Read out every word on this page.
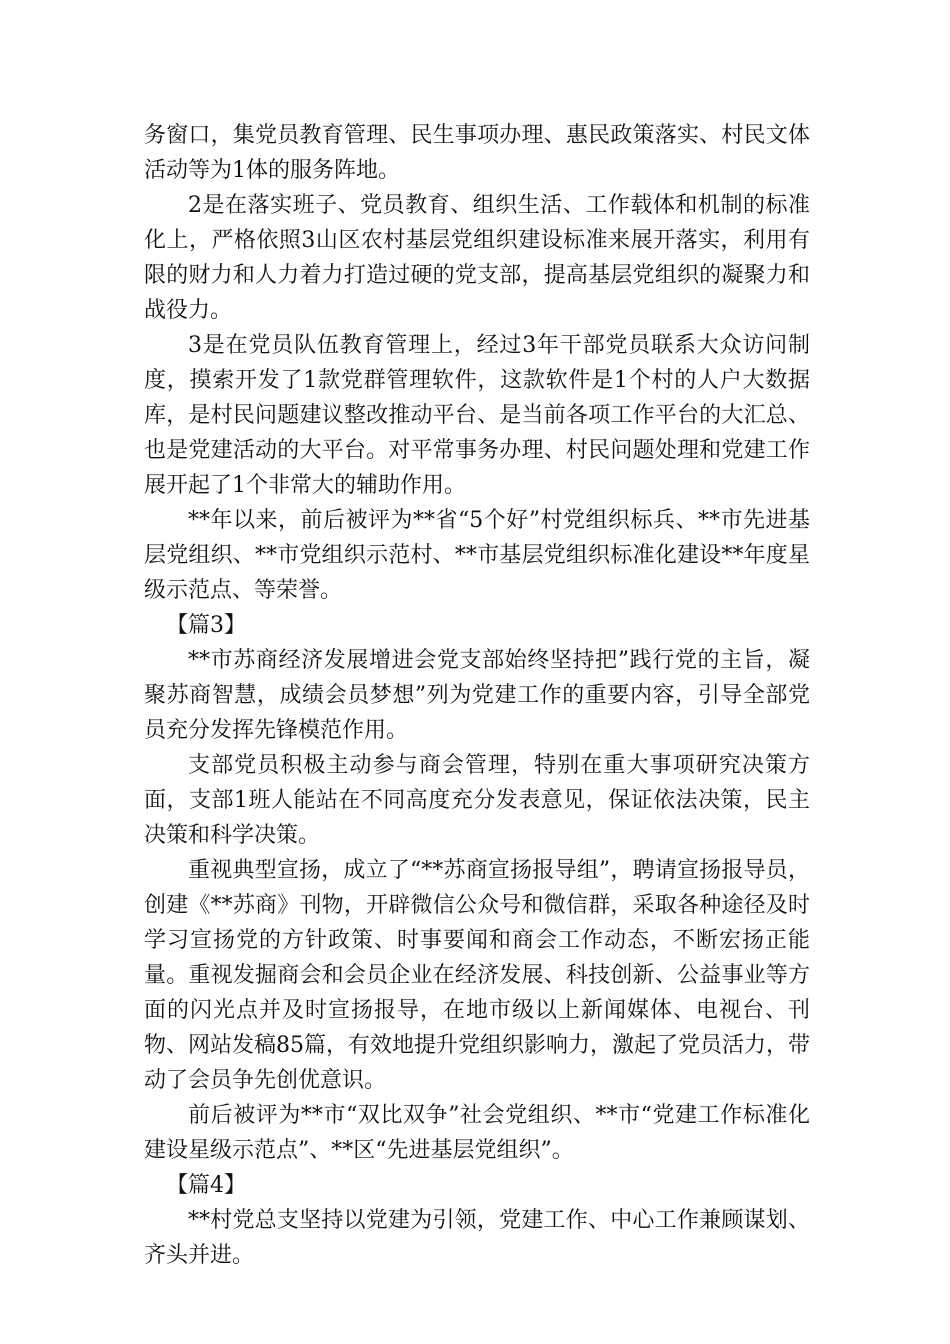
务窗口，集党员教育管理、民生事项办理、惠民政策落实、村民文体活动等为1体的服务阵地。

2是在落实班子、党员教育、组织生活、工作载体和机制的标准化上，严格依照3山区农村基层党组织建设标准来展开落实，利用有限的财力和人力着力打造过硬的党支部，提高基层党组织的凝聚力和战役力。

3是在党员队伍教育管理上，经过3年干部党员联系大众访问制度，摸索开发了1款党群管理软件，这款软件是1个村的人户大数据库，是村民问题建议整改推动平台、是当前各项工作平台的大汇总、也是党建活动的大平台。对平常事务办理、村民问题处理和党建工作展开起了1个非常大的辅助作用。

**年以来，前后被评为**省“5个好”村党组织标兵、**市先进基层党组织、**市党组织示范村、**市基层党组织标准化建设**年度星级示范点、等荣誉。

【篇3】

**市苏商经济发展增进会党支部始终坚持把”践行党的主旨，凝聚苏商智慧，成绩会员梦想”列为党建工作的重要内容，引导全部党员充分发挥先锋模范作用。

支部党员积极主动参与商会管理，特别在重大事项研究决策方面，支部1班人能站在不同高度充分发表意见，保证依法决策，民主决策和科学决策。

重视典型宣扬，成立了“**苏商宣扬报导组”，聘请宣扬报导员，创建《**苏商》刊物，开辟微信公众号和微信群，采取各种途径及时学习宣扬党的方针政策、时事要闻和商会工作动态，不断宏扬正能量。重视发掘商会和会员企业在经济发展、科技创新、公益事业等方面的闪光点并及时宣扬报导，在地市级以上新闻媒体、电视台、刊物、网站发稿85篇，有效地提升党组织影响力，激起了党员活力，带动了会员争先创优意识。

前后被评为**市“双比双争”社会党组织、**市“党建工作标准化建设星级示范点”、**区“先进基层党组织”。

【篇4】

**村党总支坚持以党建为引领，党建工作、中心工作兼顾谋划、齐头并进。
